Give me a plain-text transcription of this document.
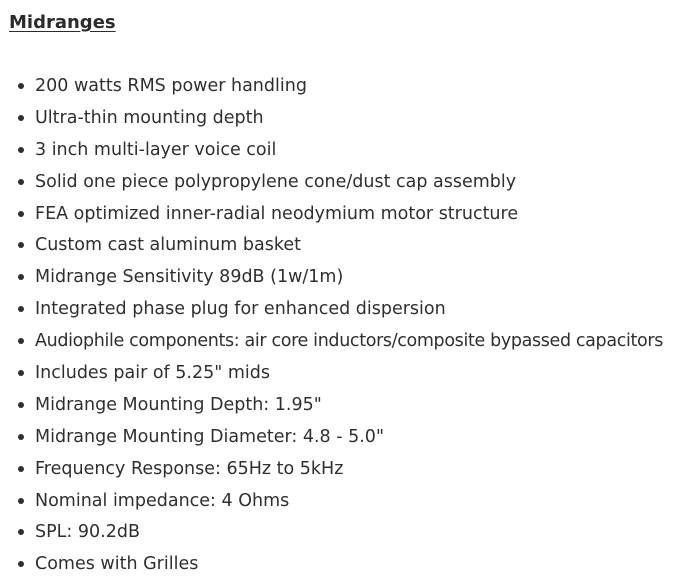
Midranges
200 watts RMS power handling
Ultra-thin mounting depth
3 inch multi-layer voice coil
Solid one piece polypropylene cone/dust cap assembly
FEA optimized inner-radial neodymium motor structure
Custom cast aluminum basket
Midrange Sensitivity 89dB (1w/1m)
Integrated phase plug for enhanced dispersion
Audiophile components: air core inductors/composite bypassed capacitors
Includes pair of 5.25" mids
Midrange Mounting Depth: 1.95"
Midrange Mounting Diameter: 4.8 - 5.0"
Frequency Response: 65Hz to 5kHz
Nominal impedance: 4 Ohms
SPL: 90.2dB
Comes with Grilles
